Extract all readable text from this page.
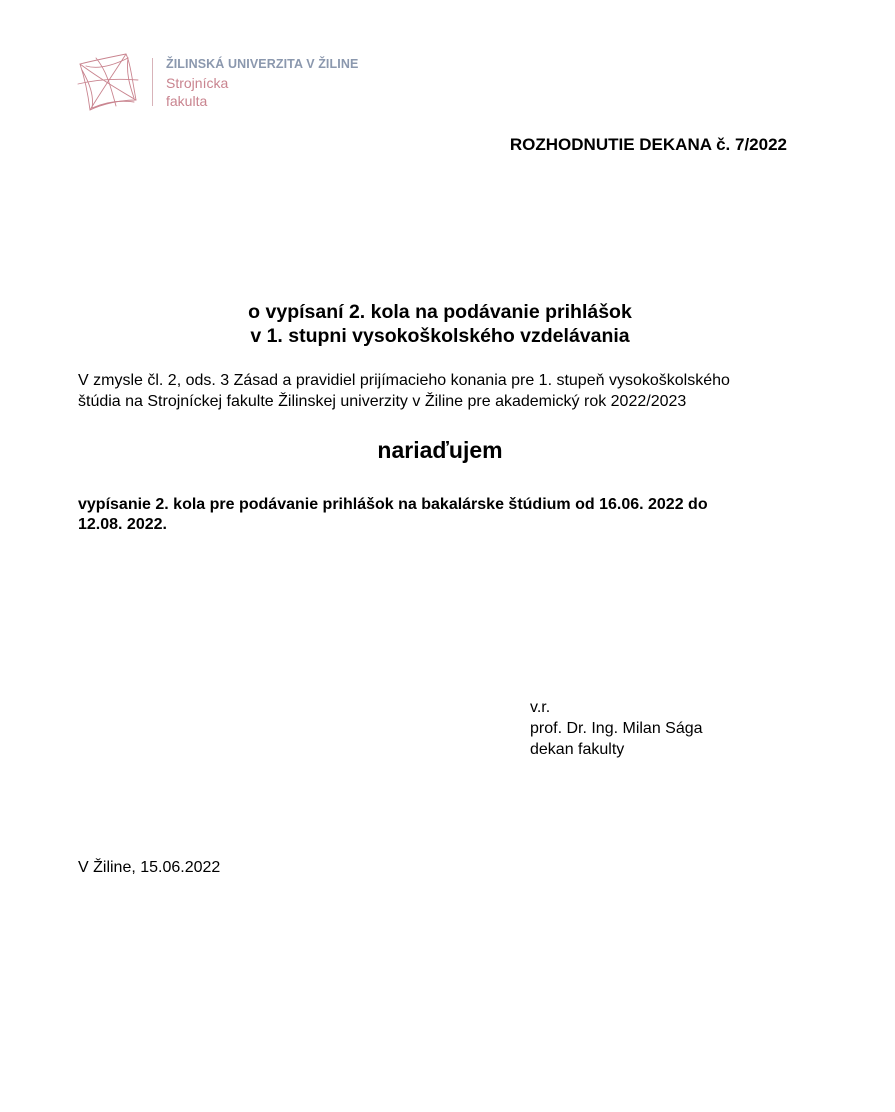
ŽILINSKÁ UNIVERZITA V ŽILINE
Strojnícka
fakulta
ROZHODNUTIE DEKANA č. 7/2022
o vypísaní 2. kola na podávanie prihlášok
v 1. stupni vysokoškolského vzdelávania
V zmysle čl. 2, ods. 3 Zásad a pravidiel prijímacieho konania pre 1. stupeň vysokoškolského
štúdia na Strojníckej fakulte Žilinskej univerzity v Žiline pre akademický rok 2022/2023
nariaďujem
vypísanie 2. kola pre podávanie prihlášok na bakalárske štúdium od 16.06. 2022 do
12.08. 2022.
v.r.
prof. Dr. Ing. Milan Sága
dekan fakulty
V Žiline, 15.06.2022
